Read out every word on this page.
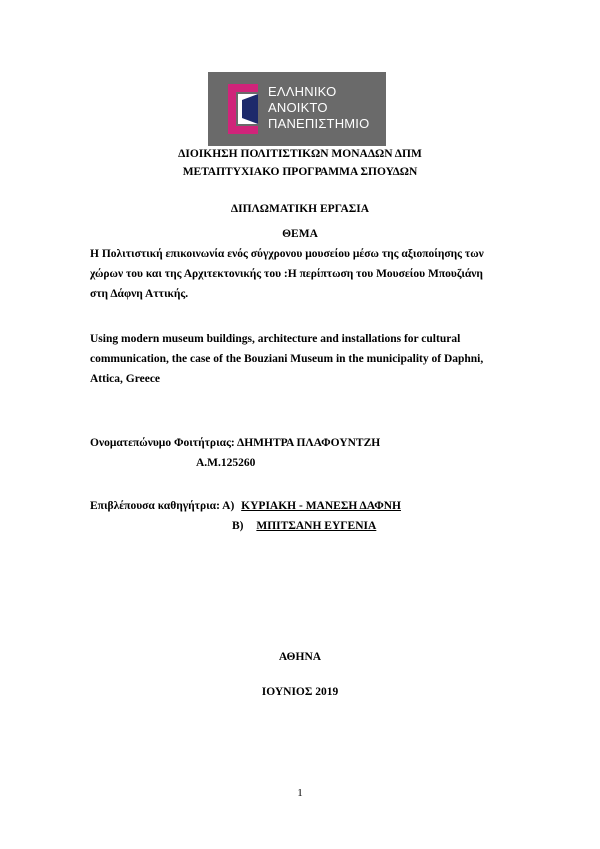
ΕΛΛΗΝΙΚΟ
ΑΝΟΙΚΤΟ
ΠΑΝΕΠΙΣΤΗΜΙΟ
ΔΙΟΙΚΗΣΗ ΠΟΛΙΤΙΣΤΙΚΩΝ ΜΟΝΑΔΩΝ ΔΠΜ
ΜΕΤΑΠΤΥΧΙΑΚΟ ΠΡΟΓΡΑΜΜΑ ΣΠΟΥΔΩΝ
ΔΙΠΛΩΜΑΤΙΚΗ ΕΡΓΑΣΙΑ
ΘΕΜΑ
Η Πολιτιστική επικοινωνία ενός σύγχρονου μουσείου μέσω της αξιοποίησης των
χώρων του και της Αρχιτεκτονικής του :Η περίπτωση του Μουσείου Μπουζιάνη
στη Δάφνη Αττικής.
Using modern museum buildings, architecture and installations for cultural
communication, the case of the Bouziani Museum in the municipality of Daphni,
Attica, Greece
Ονοματεπώνυμο Φοιτήτριας: ΔΗΜΗΤΡΑ ΠΛΑΦΟΥΝΤΖΗ
Α.Μ.125260
Επιβλέπουσα καθηγήτρια: Α) ΚΥΡΙΑΚΗ - ΜΑΝΕΣΗ ΔΑΦΝΗ
Β) ΜΠΙΤΣΑΝΗ ΕΥΓΕΝΙΑ
ΑΘΗΝΑ
ΙΟΥΝΙΟΣ 2019
1
